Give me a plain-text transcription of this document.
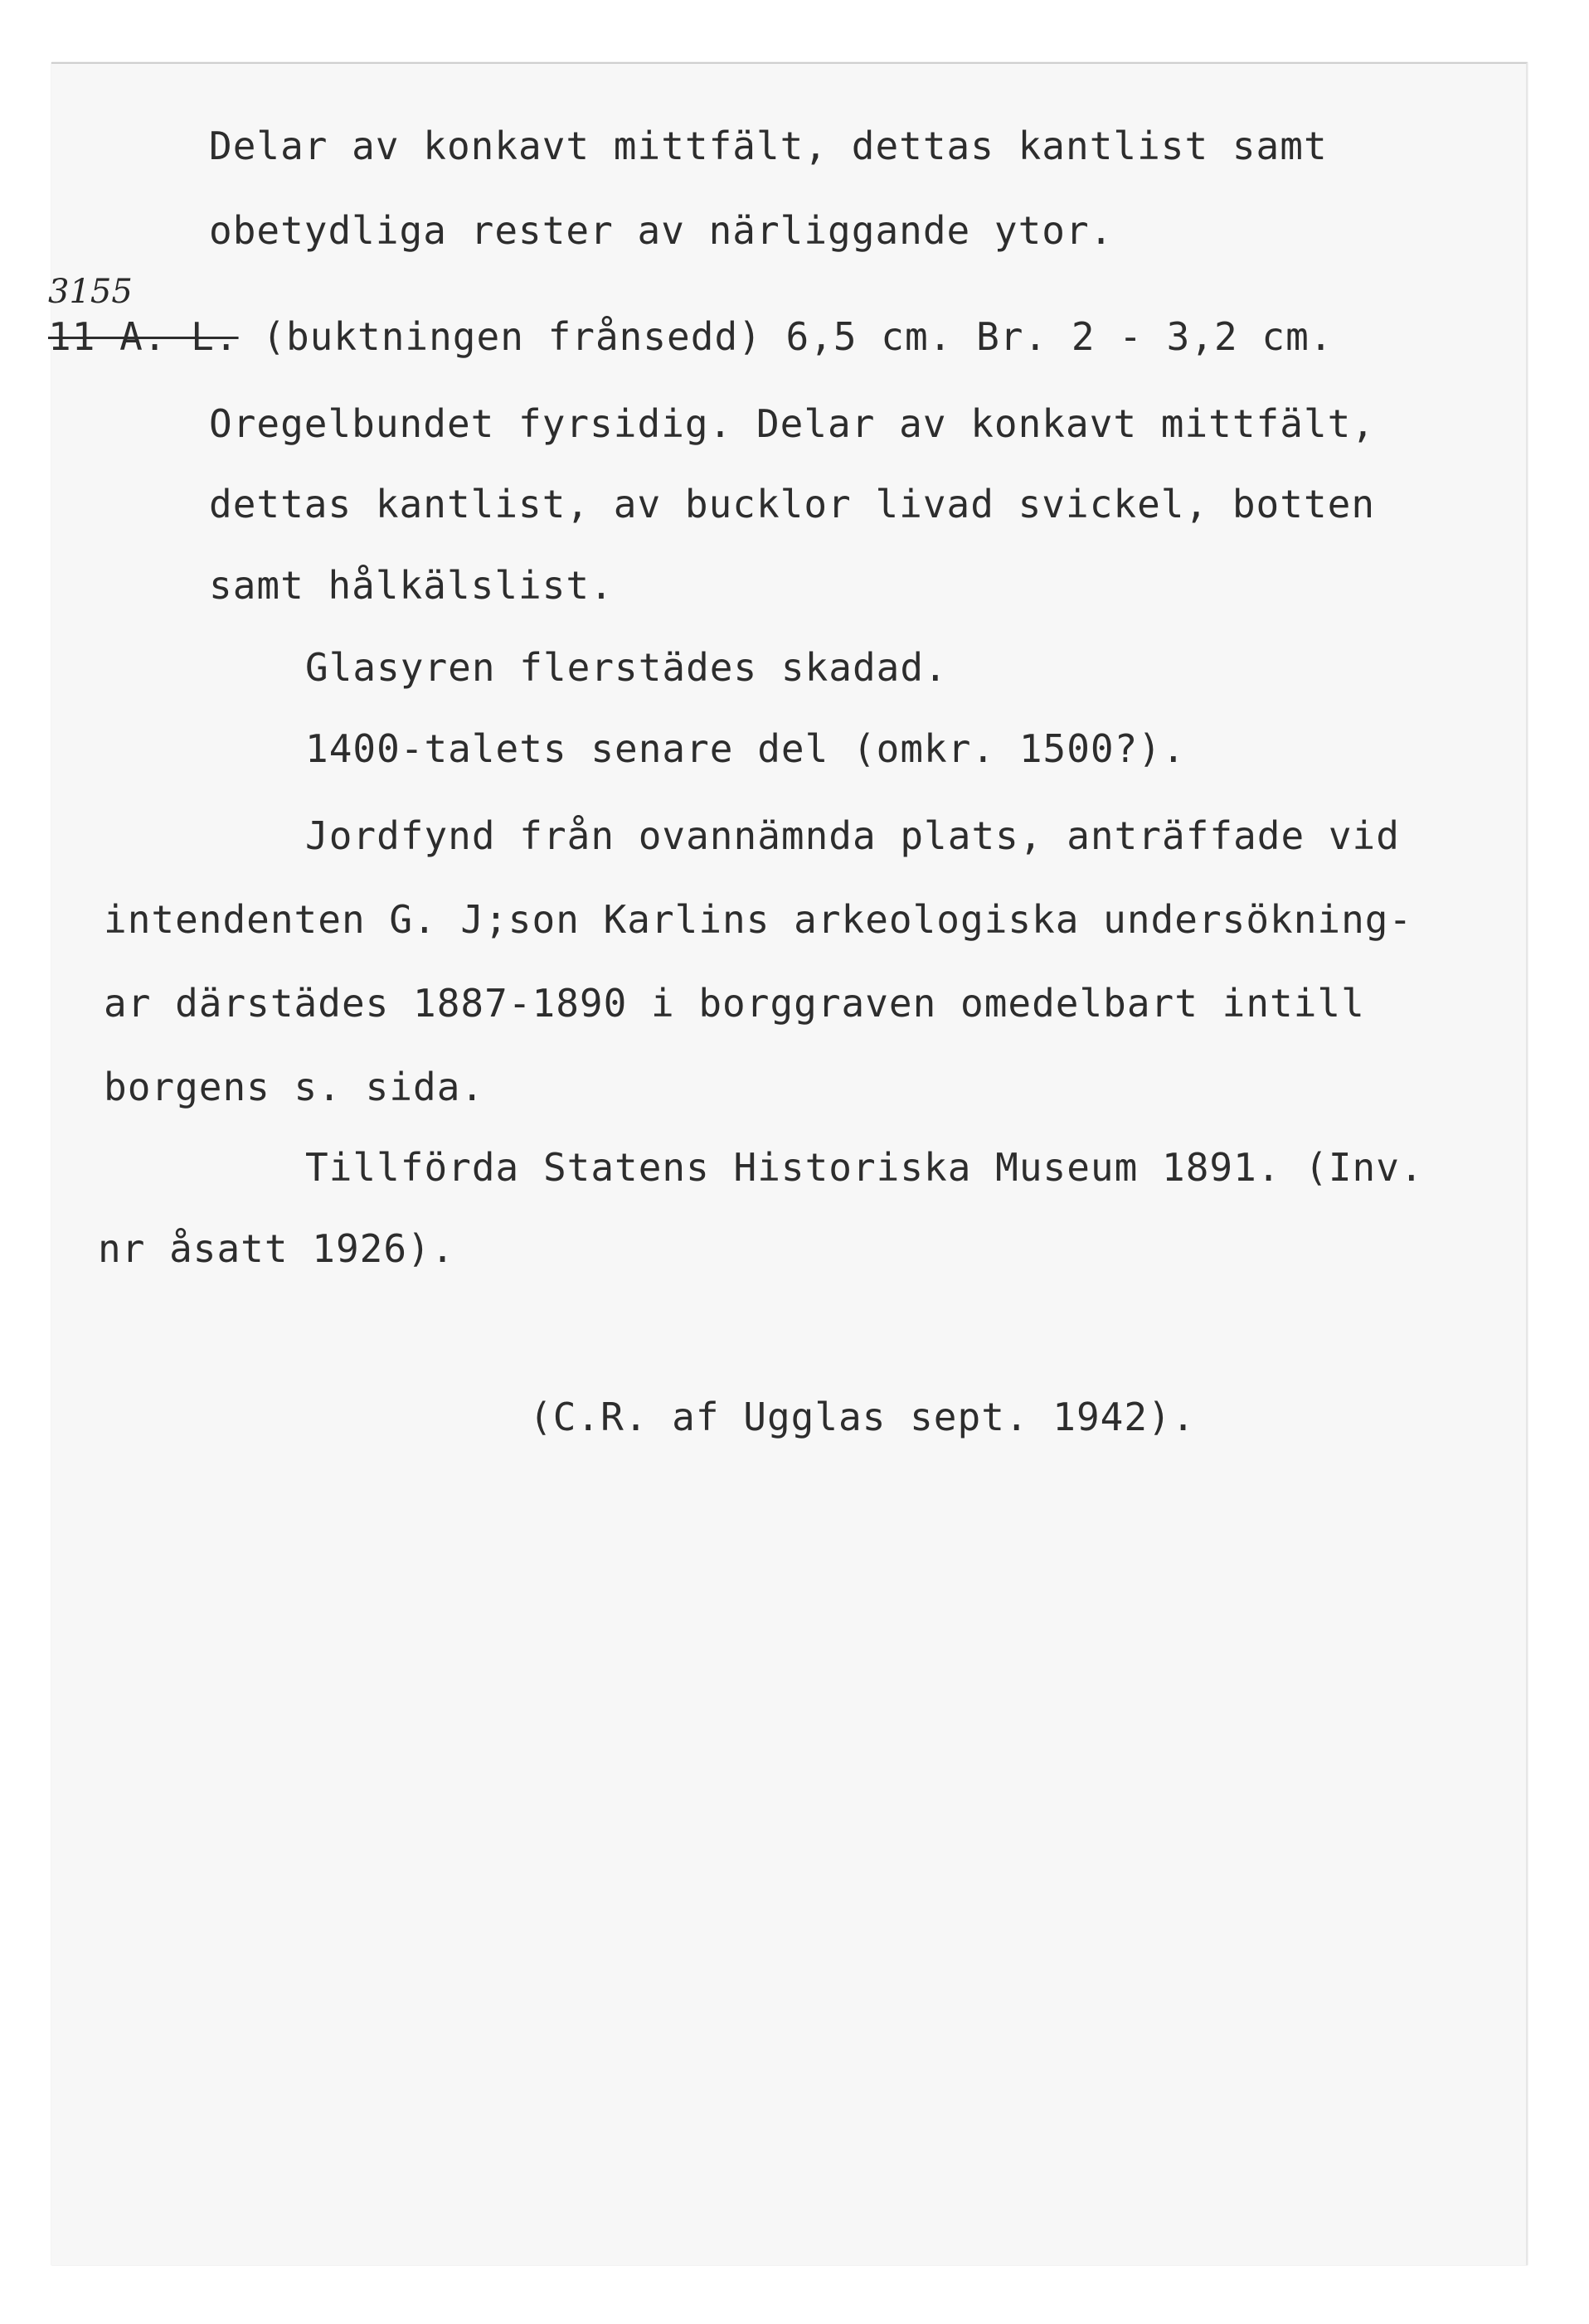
3155
Delar av konkavt mittfält, dettas kantlist samt
obetydliga rester av närliggande ytor.
11 A. L. (buktningen frånsedd) 6,5 cm. Br. 2 - 3,2 cm.
Oregelbundet fyrsidig. Delar av konkavt mittfält,
dettas kantlist, av bucklor livad svickel, botten
samt hålkälslist.
Glasyren flerstädes skadad.
1400-talets senare del (omkr. 1500?).
Jordfynd från ovannämnda plats, anträffade vid
intendenten G. J;son Karlins arkeologiska undersökning-
ar därstädes 1887-1890 i borggraven omedelbart intill
borgens s. sida.
Tillförda Statens Historiska Museum 1891. (Inv.
nr åsatt 1926).
(C.R. af Ugglas sept. 1942).
